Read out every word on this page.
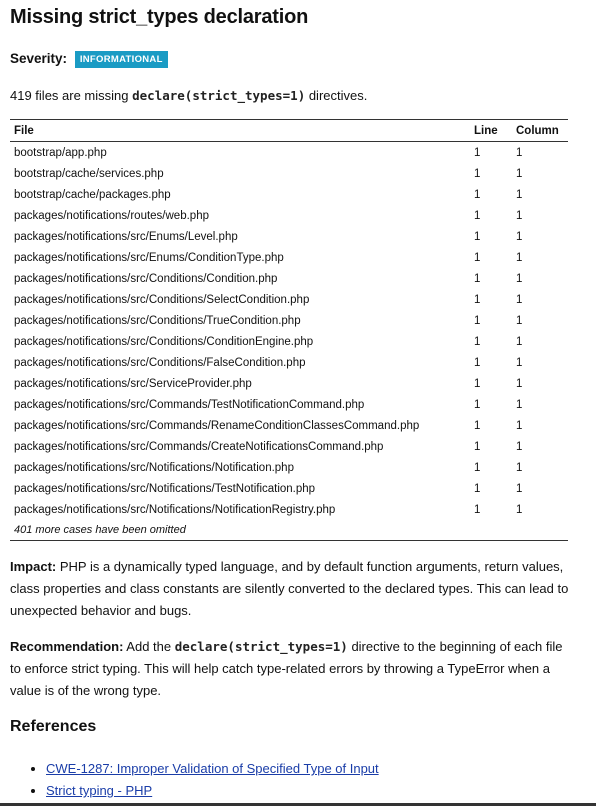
Missing strict_types declaration
Severity: INFORMATIONAL
419 files are missing declare(strict_types=1) directives.
File	Line	Column
bootstrap/app.php	1	1
bootstrap/cache/services.php	1	1
bootstrap/cache/packages.php	1	1
packages/notifications/routes/web.php	1	1
packages/notifications/src/Enums/Level.php	1	1
packages/notifications/src/Enums/ConditionType.php	1	1
packages/notifications/src/Conditions/Condition.php	1	1
packages/notifications/src/Conditions/SelectCondition.php	1	1
packages/notifications/src/Conditions/TrueCondition.php	1	1
packages/notifications/src/Conditions/ConditionEngine.php	1	1
packages/notifications/src/Conditions/FalseCondition.php	1	1
packages/notifications/src/ServiceProvider.php	1	1
packages/notifications/src/Commands/TestNotificationCommand.php	1	1
packages/notifications/src/Commands/RenameConditionClassesCommand.php	1	1
packages/notifications/src/Commands/CreateNotificationsCommand.php	1	1
packages/notifications/src/Notifications/Notification.php	1	1
packages/notifications/src/Notifications/TestNotification.php	1	1
packages/notifications/src/Notifications/NotificationRegistry.php	1	1
401 more cases have been omitted		
Impact: PHP is a dynamically typed language, and by default function arguments, return values, class properties and class constants are silently converted to the declared types. This can lead to unexpected behavior and bugs.
Recommendation: Add the declare(strict_types=1) directive to the beginning of each file to enforce strict typing. This will help catch type-related errors by throwing a TypeError when a value is of the wrong type.
References
• CWE-1287: Improper Validation of Specified Type of Input
• Strict typing - PHP
